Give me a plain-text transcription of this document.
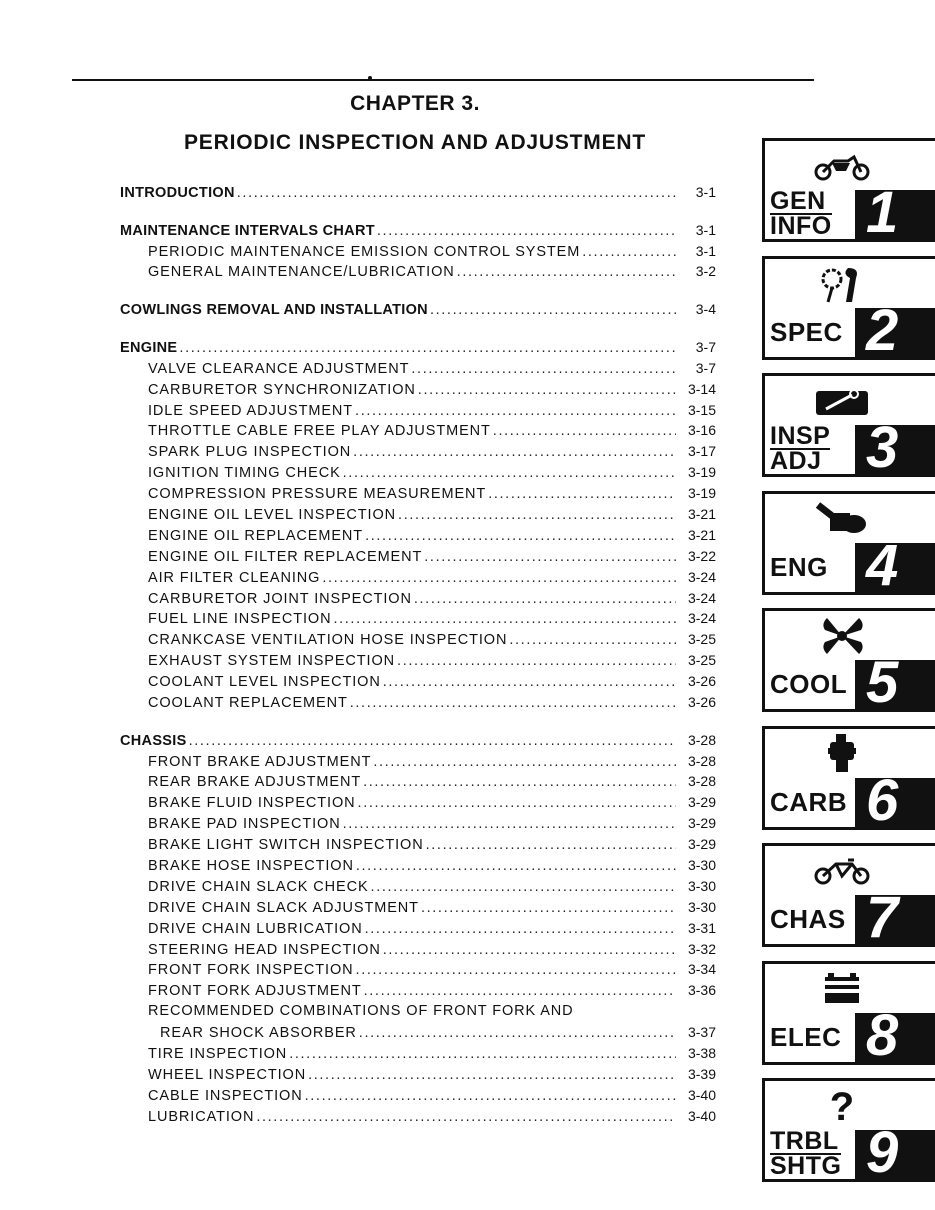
CHAPTER 3.
PERIODIC INSPECTION AND ADJUSTMENT
INTRODUCTION . . .	3-1
MAINTENANCE INTERVALS CHART . . .	3-1
PERIODIC MAINTENANCE EMISSION CONTROL SYSTEM . . .	3-1
GENERAL MAINTENANCE/LUBRICATION . . .	3-2
COWLINGS REMOVAL AND INSTALLATION . . .	3-4
ENGINE . . .	3-7
VALVE CLEARANCE ADJUSTMENT . . .	3-7
CARBURETOR SYNCHRONIZATION . . .	3-14
IDLE SPEED ADJUSTMENT . . .	3-15
THROTTLE CABLE FREE PLAY ADJUSTMENT . . .	3-16
SPARK PLUG INSPECTION . . .	3-17
IGNITION TIMING CHECK . . .	3-19
COMPRESSION PRESSURE MEASUREMENT . . .	3-19
ENGINE OIL LEVEL INSPECTION . . .	3-21
ENGINE OIL REPLACEMENT . . .	3-21
ENGINE OIL FILTER REPLACEMENT . . .	3-22
AIR FILTER CLEANING . . .	3-24
CARBURETOR JOINT INSPECTION . . .	3-24
FUEL LINE INSPECTION . . .	3-24
CRANKCASE VENTILATION HOSE INSPECTION . . .	3-25
EXHAUST SYSTEM INSPECTION . . .	3-25
COOLANT LEVEL INSPECTION . . .	3-26
COOLANT REPLACEMENT . . .	3-26
CHASSIS . . .	3-28
FRONT BRAKE ADJUSTMENT . . .	3-28
REAR BRAKE ADJUSTMENT . . .	3-28
BRAKE FLUID INSPECTION . . .	3-29
BRAKE PAD INSPECTION . . .	3-29
BRAKE LIGHT SWITCH INSPECTION . . .	3-29
BRAKE HOSE INSPECTION . . .	3-30
DRIVE CHAIN SLACK CHECK . . .	3-30
DRIVE CHAIN SLACK ADJUSTMENT . . .	3-30
DRIVE CHAIN LUBRICATION . . .	3-31
STEERING HEAD INSPECTION . . .	3-32
FRONT FORK INSPECTION . . .	3-34
FRONT FORK ADJUSTMENT . . .	3-36
RECOMMENDED COMBINATIONS OF FRONT FORK AND
REAR SHOCK ABSORBER . . .	3-37
TIRE INSPECTION . . .	3-38
WHEEL INSPECTION . . .	3-39
CABLE INSPECTION . . .	3-40
LUBRICATION . . .	3-40
GEN
INFO 1
SPEC 2
INSP
ADJ 3
ENG 4
COOL 5
CARB 6
CHAS 7
ELEC 8
?
TRBL
SHTG 9
